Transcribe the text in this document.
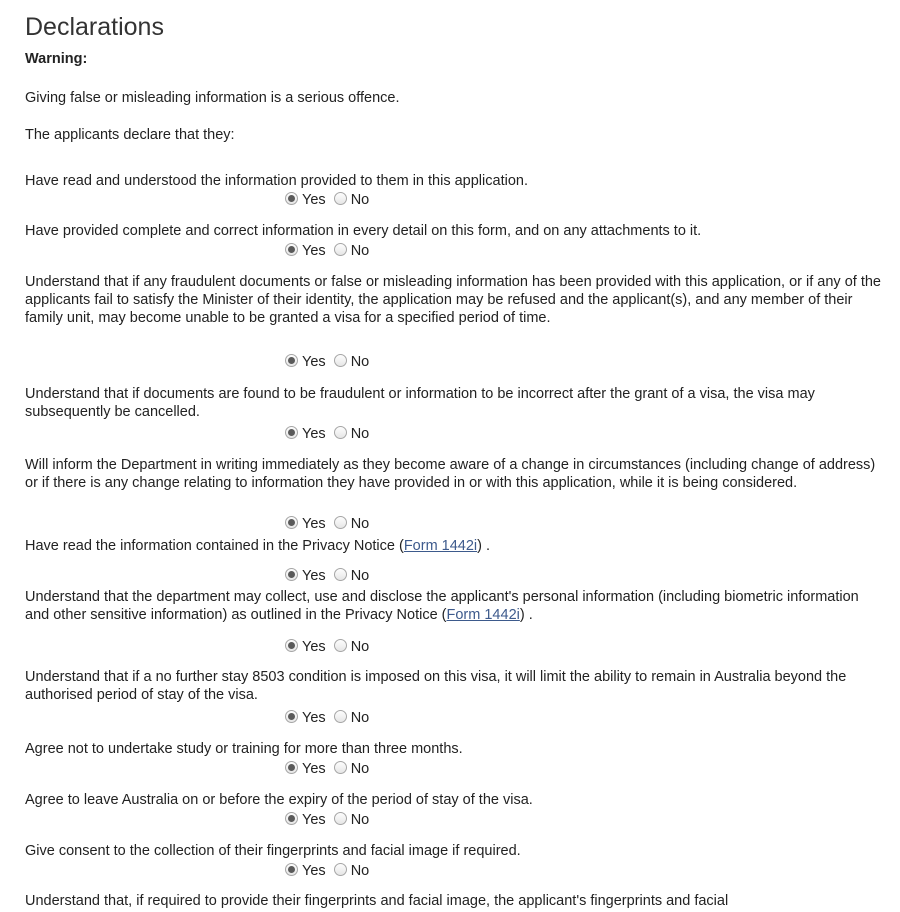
Declarations
Warning:
Giving false or misleading information is a serious offence.
The applicants declare that they:
Have read and understood the information provided to them in this application.
Yes No
Have provided complete and correct information in every detail on this form, and on any attachments to it.
Yes No
Understand that if any fraudulent documents or false or misleading information has been provided with this application, or if any of the applicants fail to satisfy the Minister of their identity, the application may be refused and the applicant(s), and any member of their family unit, may become unable to be granted a visa for a specified period of time.
Yes No
Understand that if documents are found to be fraudulent or information to be incorrect after the grant of a visa, the visa may subsequently be cancelled.
Yes No
Will inform the Department in writing immediately as they become aware of a change in circumstances (including change of address) or if there is any change relating to information they have provided in or with this application, while it is being considered.
Yes No
Have read the information contained in the Privacy Notice (Form 1442i) .
Yes No
Understand that the department may collect, use and disclose the applicant's personal information (including biometric information and other sensitive information) as outlined in the Privacy Notice (Form 1442i) .
Yes No
Understand that if a no further stay 8503 condition is imposed on this visa, it will limit the ability to remain in Australia beyond the authorised period of stay of the visa.
Yes No
Agree not to undertake study or training for more than three months.
Yes No
Agree to leave Australia on or before the expiry of the period of stay of the visa.
Yes No
Give consent to the collection of their fingerprints and facial image if required.
Yes No
Understand that, if required to provide their fingerprints and facial image, the applicant's fingerprints and facial
